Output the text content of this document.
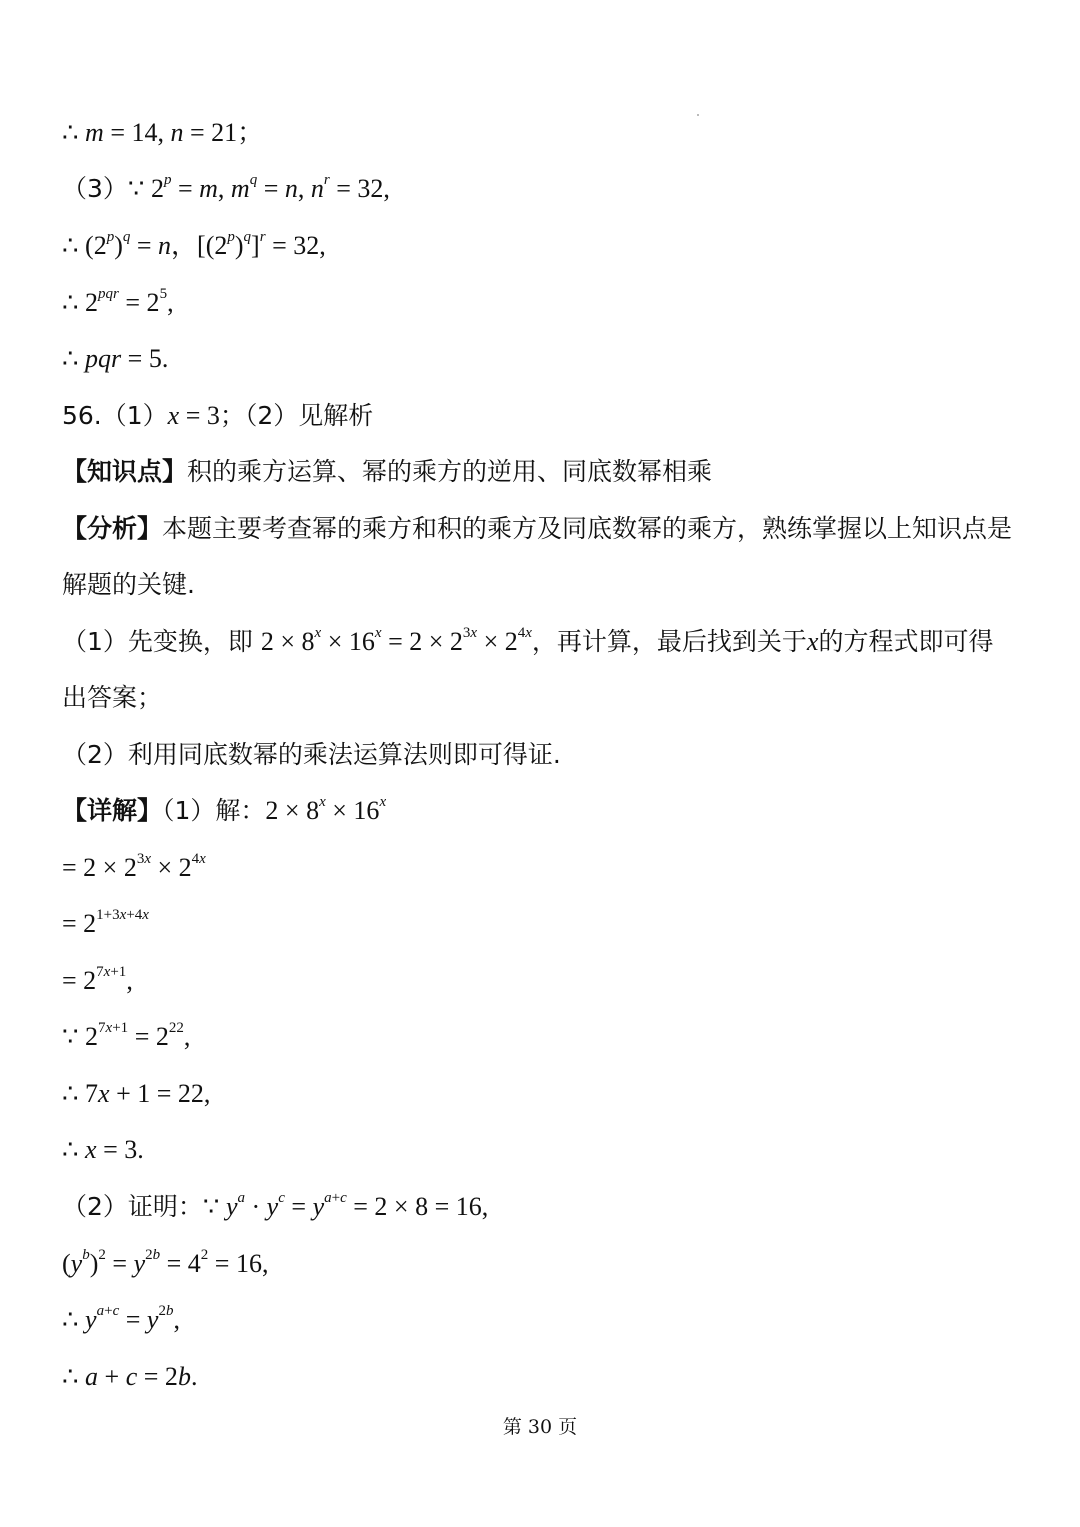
∴ m = 14, n = 21；
（3）∵ $2^p = m$, $m^q = n$, $n^r = 32$,
∴ $(2^p)^q = n$，$[(2^p)^q]^r = 32$,
∴ $2^{pqr} = 2^5$,
∴ pqr = 5.
56.（1）x = 3；（2）见解析
【知识点】积的乘方运算、幂的乘方的逆用、同底数幂相乘
【分析】本题主要考查幂的乘方和积的乘方及同底数幂的乘方，熟练掌握以上知识点是
解题的关键.
（1）先变换，即 $2 \times 8^x \times 16^x = 2 \times 2^{3x} \times 2^{4x}$，再计算，最后找到关于x的方程式即可得
出答案；
（2）利用同底数幂的乘法运算法则即可得证.
【详解】（1）解：$2 \times 8^x \times 16^x$
= $2 \times 2^{3x} \times 2^{4x}$
= $2^{1+3x+4x}$
= $2^{7x+1}$,
∵ $2^{7x+1} = 2^{22}$,
∴ 7x + 1 = 22,
∴ x = 3.
（2）证明：∵ $y^a \cdot y^c = y^{a+c} = 2 \times 8 = 16$,
$(y^b)^2 = y^{2b} = 4^2 = 16$,
∴ $y^{a+c} = y^{2b}$,
∴ a + c = 2b.
第 30 页
